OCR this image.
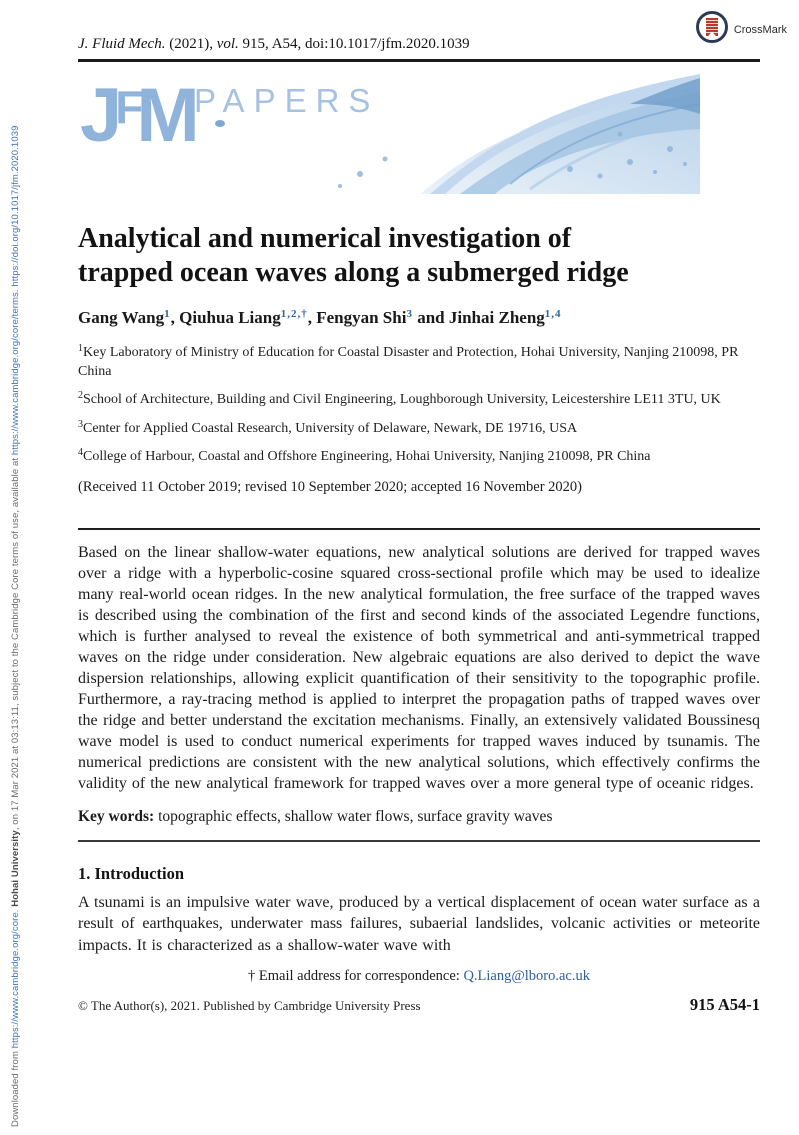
Downloaded from https://www.cambridge.org/core. Hohai University, on 17 Mar 2021 at 03:13:11, subject to the Cambridge Core terms of use, available at https://www.cambridge.org/core/terms. https://doi.org/10.1017/jfm.2020.1039
CrossMark
J. Fluid Mech. (2021), vol. 915, A54, doi:10.1017/jfm.2020.1039
JFM
PAPERS
Analytical and numerical investigation of
trapped ocean waves along a submerged ridge
Gang Wang$^1$, Qiuhua Liang$^{1,2,\dagger}$, Fengyan Shi$^3$ and Jinhai Zheng$^{1,4}$

$^1$Key Laboratory of Ministry of Education for Coastal Disaster and Protection, Hohai University, Nanjing 210098, PR China

$^2$School of Architecture, Building and Civil Engineering, Loughborough University, Leicestershire LE11 3TU, UK

$^3$Center for Applied Coastal Research, University of Delaware, Newark, DE 19716, USA

$^4$College of Harbour, Coastal and Offshore Engineering, Hohai University, Nanjing 210098, PR China

(Received 11 October 2019; revised 10 September 2020; accepted 16 November 2020)

Based on the linear shallow-water equations, new analytical solutions are derived for trapped waves over a ridge with a hyperbolic-cosine squared cross-sectional profile which may be used to idealize many real-world ocean ridges. In the new analytical formulation, the free surface of the trapped waves is described using the combination of the first and second kinds of the associated Legendre functions, which is further analysed to reveal the existence of both symmetrical and anti-symmetrical trapped waves on the ridge under consideration. New algebraic equations are also derived to depict the wave dispersion relationships, allowing explicit quantification of their sensitivity to the topographic profile. Furthermore, a ray-tracing method is applied to interpret the propagation paths of trapped waves over the ridge and better understand the excitation mechanisms. Finally, an extensively validated Boussinesq wave model is used to conduct numerical experiments for trapped waves induced by tsunamis. The numerical predictions are consistent with the new analytical solutions, which effectively confirms the validity of the new analytical framework for trapped waves over a more general type of oceanic ridges.

Key words: topographic effects, shallow water flows, surface gravity waves
1. Introduction

A tsunami is an impulsive water wave, produced by a vertical displacement of ocean water surface as a result of earthquakes, underwater mass failures, subaerial landslides, volcanic activities or meteorite impacts. It is characterized as a shallow-water wave with

† Email address for correspondence: Q.Liang@lboro.ac.uk
© The Author(s), 2021. Published by Cambridge University Press	915 A54-1
